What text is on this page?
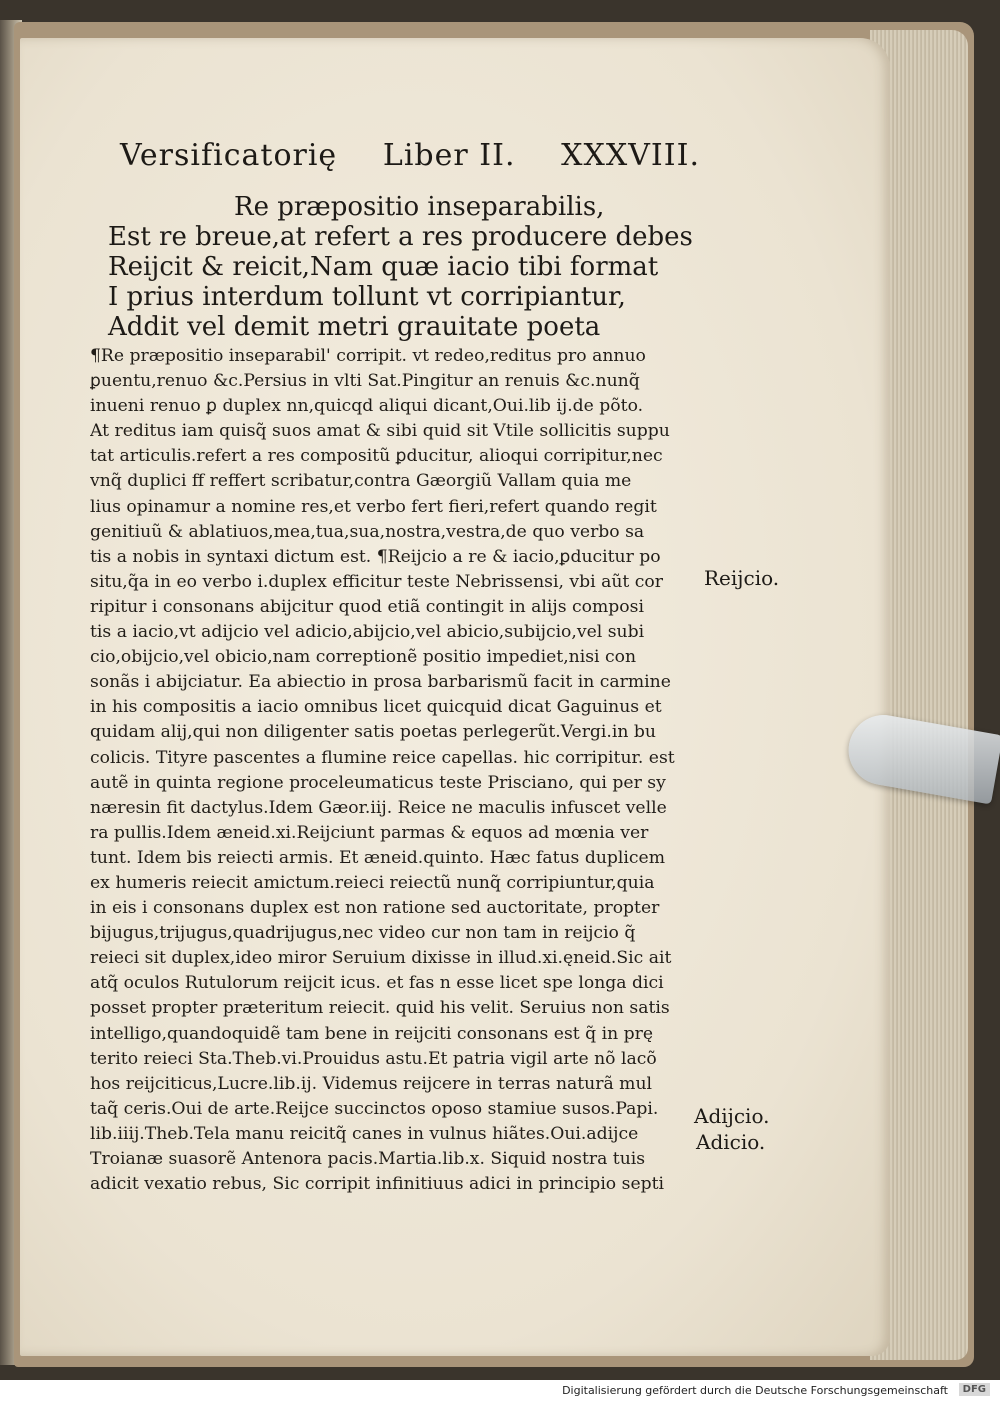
Versificatorię Liber II. XXXVIII.
Re præpositio inseparabilis,
Est re breue,at refert a res producere debes
Reijcit & reicit,Nam quæ iacio tibi format
I prius interdum tollunt vt corripiantur,
Addit vel demit metri grauitate poeta
¶Re præpositio inseparabil' corripit. vt redeo,reditus pro annuo
ꝑuentu,renuo &c.Persius in vlti Sat.Pingitur an renuis &c.nunq̃
inueni renuo ꝑ duplex nn,quicqd aliqui dicant,Oui.lib ij.de põto.
At reditus iam quisq̃ suos amat & sibi quid sit Vtile sollicitis suppu
tat articulis.refert a res compositũ ꝑducitur, alioqui corripitur,nec
vnq̃ duplici ff reffert scribatur,contra Gæorgiũ Vallam quia me
lius opinamur a nomine res,et verbo fert fieri,refert quando regit
genitiuũ & ablatiuos,mea,tua,sua,nostra,vestra,de quo verbo sa
tis a nobis in syntaxi dictum est. ¶Reijcio a re & iacio,ꝑducitur po
situ,q̃a in eo verbo i.duplex efficitur teste Nebrissensi, vbi aũt cor
ripitur i consonans abijcitur quod etiã contingit in alijs composi
tis a iacio,vt adijcio vel adicio,abijcio,vel abicio,subijcio,vel subi
cio,obijcio,vel obicio,nam correptionẽ positio impediet,nisi con
sonãs i abijciatur. Ea abiectio in prosa barbarismũ facit in carmine
in his compositis a iacio omnibus licet quicquid dicat Gaguinus et
quidam alij,qui non diligenter satis poetas perlegerũt.Vergi.in bu
colicis. Tityre pascentes a flumine reice capellas. hic corripitur. est
autẽ in quinta regione proceleumaticus teste Prisciano, qui per sy
næresin fit dactylus.Idem Gæor.iij. Reice ne maculis infuscet velle
ra pullis.Idem æneid.xi.Reijciunt parmas & equos ad mœnia ver
tunt. Idem bis reiecti armis. Et æneid.quinto. Hæc fatus duplicem
ex humeris reiecit amictum.reieci reiectũ nunq̃ corripiuntur,quia
in eis i consonans duplex est non ratione sed auctoritate, propter
bijugus,trijugus,quadrijugus,nec video cur non tam in reijcio q̃
reieci sit duplex,ideo miror Seruium dixisse in illud.xi.ęneid.Sic ait
atq̃ oculos Rutulorum reijcit icus. et fas n esse licet spe longa dici
posset propter præteritum reiecit. quid his velit. Seruius non satis
intelligo,quandoquidẽ tam bene in reijciti consonans est q̃ in prę
terito reieci Sta.Theb.vi.Prouidus astu.Et patria vigil arte nõ lacõ
hos reijciticus,Lucre.lib.ij. Videmus reijcere in terras naturã mul
taq̃ ceris.Oui de arte.Reijce succinctos oposo stamiue susos.Papi.
lib.iiij.Theb.Tela manu reicitq̃ canes in vulnus hiãtes.Oui.adijce
Troianæ suasorẽ Antenora pacis.Martia.lib.x. Siquid nostra tuis
adicit vexatio rebus, Sic corripit infinitiuus adici in principio septi
Reijcio.
Adijcio.
Adicio.
Digitalisierung gefördert durch die Deutsche Forschungsgemeinschaft	DFG
